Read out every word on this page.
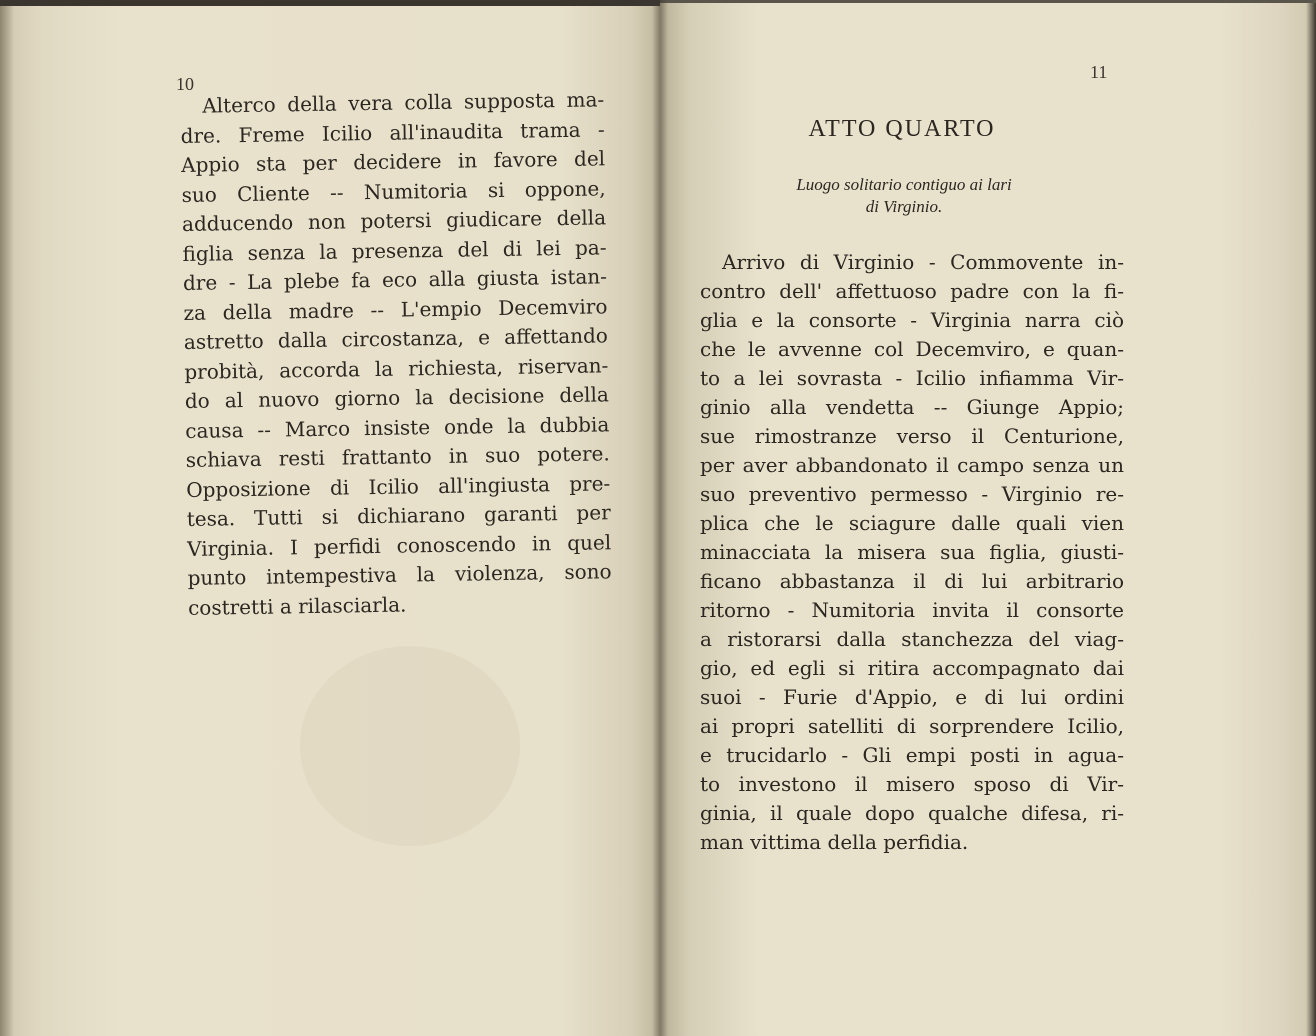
10
11
Alterco della vera colla supposta ma-
dre. Freme Icilio all'inaudita trama -
Appio sta per decidere in favore del
suo Cliente -- Numitoria si oppone,
adducendo non potersi giudicare della
figlia senza la presenza del di lei pa-
dre - La plebe fa eco alla giusta istan-
za della madre -- L'empio Decemviro
astretto dalla circostanza, e affettando
probità, accorda la richiesta, riservan-
do al nuovo giorno la decisione della
causa -- Marco insiste onde la dubbia
schiava resti frattanto in suo potere.
Opposizione di Icilio all'ingiusta pre-
tesa. Tutti si dichiarano garanti per
Virginia. I perfidi conoscendo in quel
punto intempestiva la violenza, sono
costretti a rilasciarla.
ATTO QUARTO
Luogo solitario contiguo ai lari
di Virginio.
Arrivo di Virginio - Commovente in-
contro dell' affettuoso padre con la fi-
glia e la consorte - Virginia narra ciò
che le avvenne col Decemviro, e quan-
to a lei sovrasta - Icilio infiamma Vir-
ginio alla vendetta -- Giunge Appio;
sue rimostranze verso il Centurione,
per aver abbandonato il campo senza un
suo preventivo permesso - Virginio re-
plica che le sciagure dalle quali vien
minacciata la misera sua figlia, giusti-
ficano abbastanza il di lui arbitrario
ritorno - Numitoria invita il consorte
a ristorarsi dalla stanchezza del viag-
gio, ed egli si ritira accompagnato dai
suoi - Furie d'Appio, e di lui ordini
ai propri satelliti di sorprendere Icilio,
e trucidarlo - Gli empi posti in agua-
to investono il misero sposo di Vir-
ginia, il quale dopo qualche difesa, ri-
man vittima della perfidia.
